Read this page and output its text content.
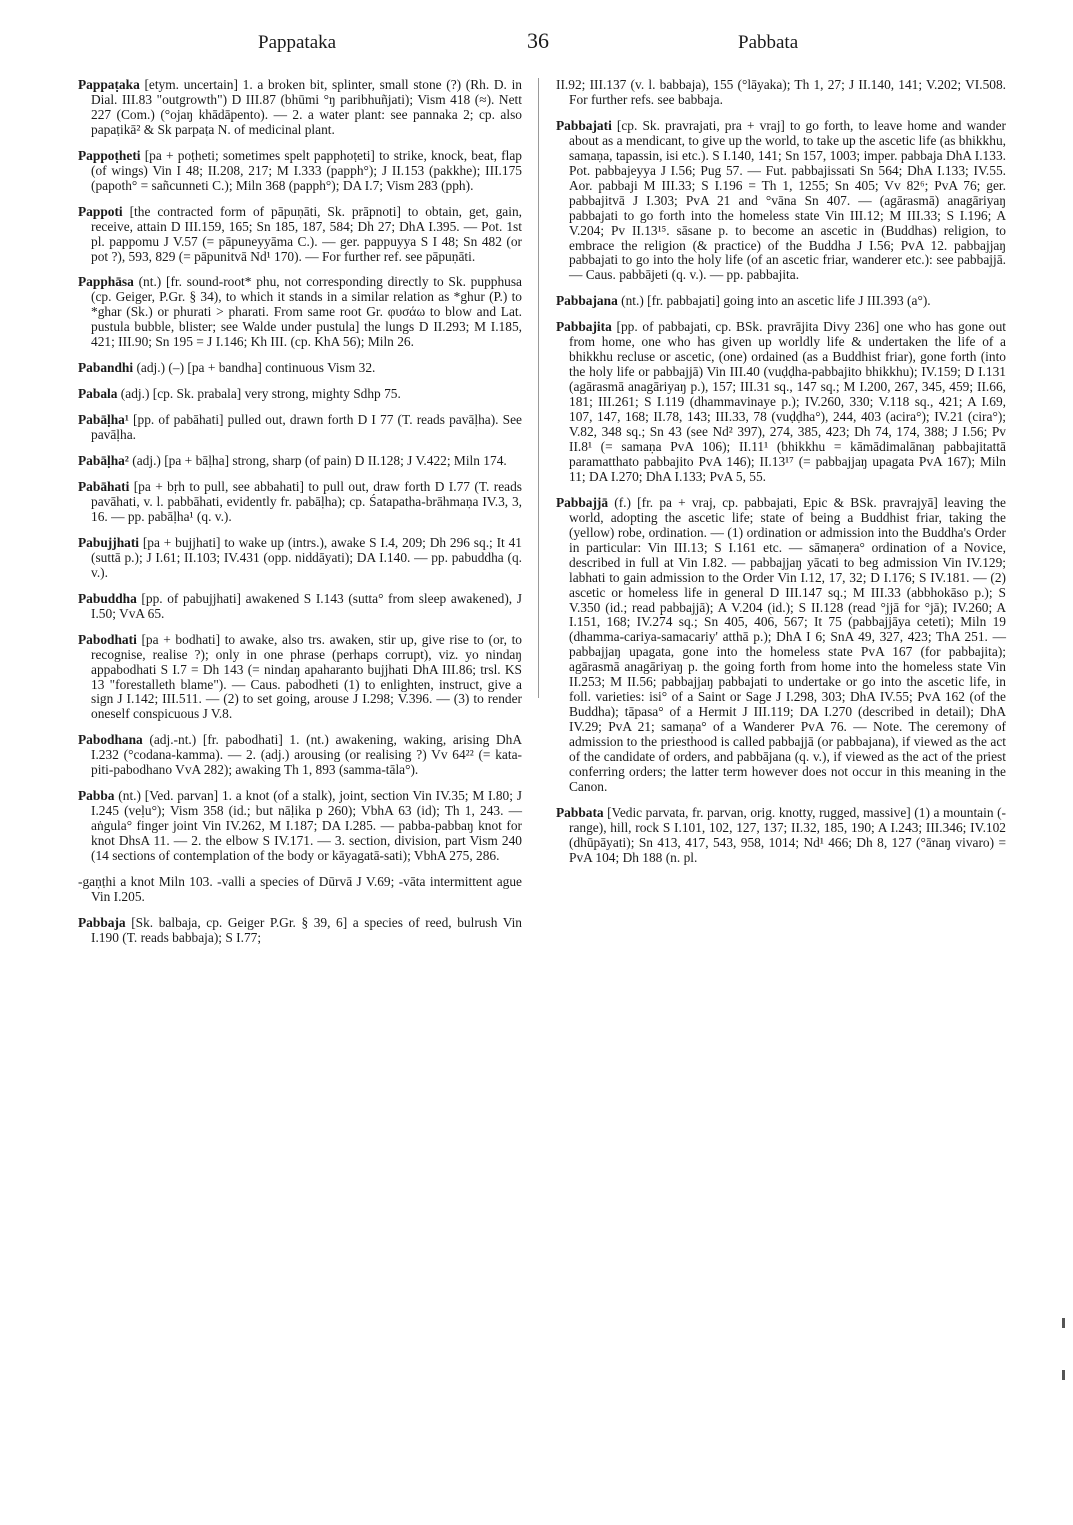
Pappataka	36	Pabbata

Pappaṭaka [etym. uncertain] 1. a broken bit, splinter, small stone (?) (Rh. D. in Dial. III.83 "outgrowth") D III.87 (bhūmi °ŋ paribhuñjati); Vism 418 (≈). Nett 227 (Com.) (°ojaŋ khādāpento). — 2. a water plant: see pannaka 2; cp. also papaṭikā² & Sk parpaṭa N. of medicinal plant.

Pappoṭheti [pa + poṭheti; sometimes spelt papphoṭeti] to strike, knock, beat, flap (of wings) Vin I 48; II.208, 217; M I.333 (papph°); J II.153 (pakkhe); III.175 (papoth° = sañcunneti C.); Miln 368 (papph°); DA I.7; Vism 283 (pph).

Pappoti [the contracted form of pāpuṇāti, Sk. prāpnoti] to obtain, get, gain, receive, attain D III.159, 165; Sn 185, 187, 584; Dh 27; DhA I.395. — Pot. 1st pl. pappomu J V.57 (= pāpuneyyāma C.). — ger. pappuyya S I 48; Sn 482 (or pot ?), 593, 829 (= pāpunitvā Nd¹ 170). — For further ref. see pāpuṇāti.

Papphāsa (nt.) [fr. sound-root* phu, not corresponding directly to Sk. pupphusa (cp. Geiger, P.Gr. § 34), to which it stands in a similar relation as *ghur (P.) to *ghar (Sk.) or phurati > pharati. From same root Gr. φυσάω to blow and Lat. pustula bubble, blister; see Walde under pustula] the lungs D II.293; M I.185, 421; III.90; Sn 195 = J I.146; Kh III. (cp. KhA 56); Miln 26.

Pabandhi (adj.) (–) [pa + bandha] continuous Vism 32.

Pabala (adj.) [cp. Sk. prabala] very strong, mighty Sdhp 75.

Pabāḷha¹ [pp. of pabāhati] pulled out, drawn forth D I 77 (T. reads pavāḷha). See pavāḷha.

Pabāḷha² (adj.) [pa + bāḷha] strong, sharp (of pain) D II.128; J V.422; Miln 174.

Pabāhati [pa + bṛh to pull, see abbahati] to pull out, draw forth D I.77 (T. reads pavāhati, v. l. pabbāhati, evidently fr. pabāḷha); cp. Śatapatha-brāhmaṇa IV.3, 3, 16. — pp. pabāḷha¹ (q. v.).

Pabujjhati [pa + bujjhati] to wake up (intrs.), awake S I.4, 209; Dh 296 sq.; It 41 (suttā p.); J I.61; II.103; IV.431 (opp. niddāyati); DA I.140. — pp. pabuddha (q. v.).

Pabuddha [pp. of pabujjhati] awakened S I.143 (sutta° from sleep awakened), J I.50; VvA 65.

Pabodhati [pa + bodhati] to awake, also trs. awaken, stir up, give rise to (or, to recognise, realise ?); only in one phrase (perhaps corrupt), viz. yo nindaŋ appabodhati S I.7 = Dh 143 (= nindaŋ apaharanto bujjhati DhA III.86; trsl. KS 13 "forestalleth blame"). — Caus. pabodheti (1) to enlighten, instruct, give a sign J I.142; III.511. — (2) to set going, arouse J I.298; V.396. — (3) to render oneself conspicuous J V.8.

Pabodhana (adj.-nt.) [fr. pabodhati] 1. (nt.) awakening, waking, arising DhA I.232 (°codana-kamma). — 2. (adj.) arousing (or realising ?) Vv 64²² (= kata-piti-pabodhano VvA 282); awaking Th 1, 893 (samma-tāla°).

Pabba (nt.) [Ved. parvan] 1. a knot (of a stalk), joint, section Vin IV.35; M I.80; J I.245 (veḷu°); Vism 358 (id.; but nāḷika p 260); VbhA 63 (id); Th 1, 243. — aṅgula° finger joint Vin IV.262, M I.187; DA I.285. — pabba-pabbaŋ knot for knot DhsA 11. — 2. the elbow S IV.171. — 3. section, division, part Vism 240 (14 sections of contemplation of the body or kāyagatā-sati); VbhA 275, 286.

-gaṇṭhi a knot Miln 103. -valli a species of Dūrvā J V.69; -vāta intermittent ague Vin I.205.

Pabbaja [Sk. balbaja, cp. Geiger P.Gr. § 39, 6] a species of reed, bulrush Vin I.190 (T. reads babbaja); S I.77;

II.92; III.137 (v. l. babbaja), 155 (°lāyaka); Th 1, 27; J II.140, 141; V.202; VI.508. For further refs. see babbaja.

Pabbajati [cp. Sk. pravrajati, pra + vraj] to go forth, to leave home and wander about as a mendicant, to give up the world, to take up the ascetic life (as bhikkhu, samaṇa, tapassin, isi etc.). S I.140, 141; Sn 157, 1003; imper. pabbaja DhA I.133. Pot. pabbajeyya J I.56; Pug 57. — Fut. pabbajissati Sn 564; DhA I.133; IV.55. Aor. pabbaji M III.33; S I.196 = Th 1, 1255; Sn 405; Vv 82⁶; PvA 76; ger. pabbajitvā J I.303; PvA 21 and °vāna Sn 407. — (agārasmā) anagāriyaŋ pabbajati to go forth into the homeless state Vin III.12; M III.33; S I.196; A V.204; Pv II.13¹⁵. sāsane p. to become an ascetic in (Buddhas) religion, to embrace the religion (& practice) of the Buddha J I.56; PvA 12. pabbajjaŋ pabbajati to go into the holy life (of an ascetic friar, wanderer etc.): see pabbajjā. — Caus. pabbājeti (q. v.). — pp. pabbajita.

Pabbajana (nt.) [fr. pabbajati] going into an ascetic life J III.393 (a°).

Pabbajita [pp. of pabbajati, cp. BSk. pravrājita Divy 236] one who has gone out from home, one who has given up worldly life & undertaken the life of a bhikkhu recluse or ascetic, (one) ordained (as a Buddhist friar), gone forth (into the holy life or pabbajjā) Vin III.40 (vuḍḍha-pabbajito bhikkhu); IV.159; D I.131 (agārasmā anagāriyaŋ p.), 157; III.31 sq., 147 sq.; M I.200, 267, 345, 459; II.66, 181; III.261; S I.119 (dhammavinaye p.); IV.260, 330; V.118 sq., 421; A I.69, 107, 147, 168; II.78, 143; III.33, 78 (vuḍḍha°), 244, 403 (acira°); IV.21 (cira°); V.82, 348 sq.; Sn 43 (see Nd² 397), 274, 385, 423; Dh 74, 174, 388; J I.56; Pv II.8¹ (= samaṇa PvA 106); II.11¹ (bhikkhu = kāmādimalānaŋ pabbajitattā paramatthato pabbajito PvA 146); II.13¹⁷ (= pabbajjaŋ upagata PvA 167); Miln 11; DA I.270; DhA I.133; PvA 5, 55.

Pabbajjā (f.) [fr. pa + vraj, cp. pabbajati, Epic & BSk. pravrajyā] leaving the world, adopting the ascetic life; state of being a Buddhist friar, taking the (yellow) robe, ordination. — (1) ordination or admission into the Buddha's Order in particular: Vin III.13; S I.161 etc. — sāmaṇera° ordination of a Novice, described in full at Vin I.82. — pabbajjaŋ yācati to beg admission Vin IV.129; labhati to gain admission to the Order Vin I.12, 17, 32; D I.176; S IV.181. — (2) ascetic or homeless life in general D III.147 sq.; M III.33 (abbhokāso p.); S V.350 (id.; read pabbajjā); A V.204 (id.); S II.128 (read °jjā for °jā); IV.260; A I.151, 168; IV.274 sq.; Sn 405, 406, 567; It 75 (pabbajjāya ceteti); Miln 19 (dhamma-cariya-samacariy' atthā p.); DhA I 6; SnA 49, 327, 423; ThA 251. — pabbajjaŋ upagata, gone into the homeless state PvA 167 (for pabbajita); agārasmā anagāriyaŋ p. the going forth from home into the homeless state Vin II.253; M II.56; pabbajjaŋ pabbajati to undertake or go into the ascetic life, in foll. varieties: isi° of a Saint or Sage J I.298, 303; DhA IV.55; PvA 162 (of the Buddha); tāpasa° of a Hermit J III.119; DA I.270 (described in detail); DhA IV.29; PvA 21; samaṇa° of a Wanderer PvA 76. — Note. The ceremony of admission to the priesthood is called pabbajjā (or pabbajana), if viewed as the act of the candidate of orders, and pabbājana (q. v.), if viewed as the act of the priest conferring orders; the latter term however does not occur in this meaning in the Canon.

Pabbata [Vedic parvata, fr. parvan, orig. knotty, rugged, massive] (1) a mountain (-range), hill, rock S I.101, 102, 127, 137; II.32, 185, 190; A I.243; III.346; IV.102 (dhūpāyati); Sn 413, 417, 543, 958, 1014; Nd¹ 466; Dh 8, 127 (°ānaŋ vivaro) = PvA 104; Dh 188 (n. pl.
